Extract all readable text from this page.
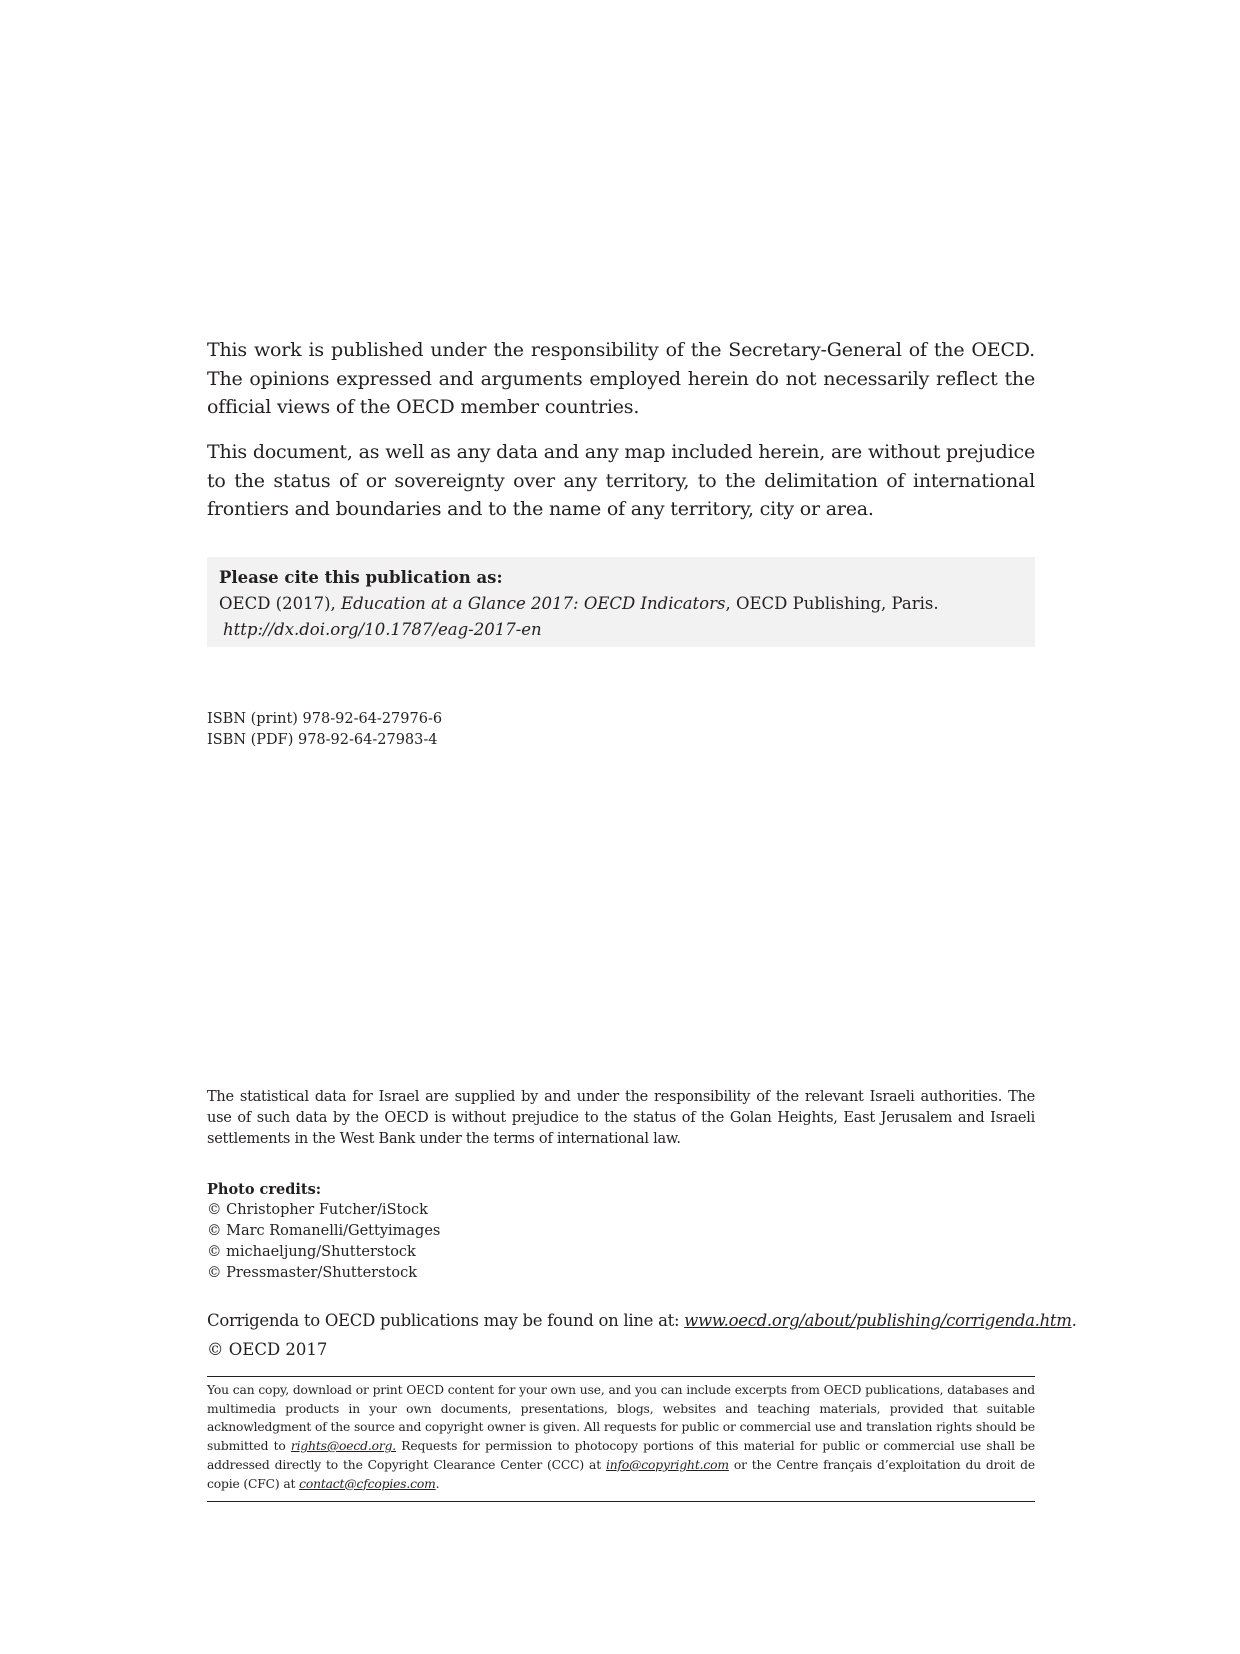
This work is published under the responsibility of the Secretary-General of the OECD. The opinions expressed and arguments employed herein do not necessarily reflect the official views of the OECD member countries.

This document, as well as any data and any map included herein, are without prejudice to the status of or sovereignty over any territory, to the delimitation of international frontiers and boundaries and to the name of any territory, city or area.

Please cite this publication as:
OECD (2017), Education at a Glance 2017: OECD Indicators, OECD Publishing, Paris.
http://dx.doi.org/10.1787/eag-2017-en
ISBN (print) 978-92-64-27976-6
ISBN (PDF) 978-92-64-27983-4

The statistical data for Israel are supplied by and under the responsibility of the relevant Israeli authorities. The use of such data by the OECD is without prejudice to the status of the Golan Heights, East Jerusalem and Israeli settlements in the West Bank under the terms of international law.

Photo credits:
© Christopher Futcher/iStock
© Marc Romanelli/Gettyimages
© michaeljung/Shutterstock
© Pressmaster/Shutterstock
Corrigenda to OECD publications may be found on line at: www.oecd.org/about/publishing/corrigenda.htm.
© OECD 2017

You can copy, download or print OECD content for your own use, and you can include excerpts from OECD publications, databases and multimedia products in your own documents, presentations, blogs, websites and teaching materials, provided that suitable acknowledgment of the source and copyright owner is given. All requests for public or commercial use and translation rights should be submitted to rights@oecd.org. Requests for permission to photocopy portions of this material for public or commercial use shall be addressed directly to the Copyright Clearance Center (CCC) at info@copyright.com or the Centre français d’exploitation du droit de copie (CFC) at contact@cfcopies.com.
